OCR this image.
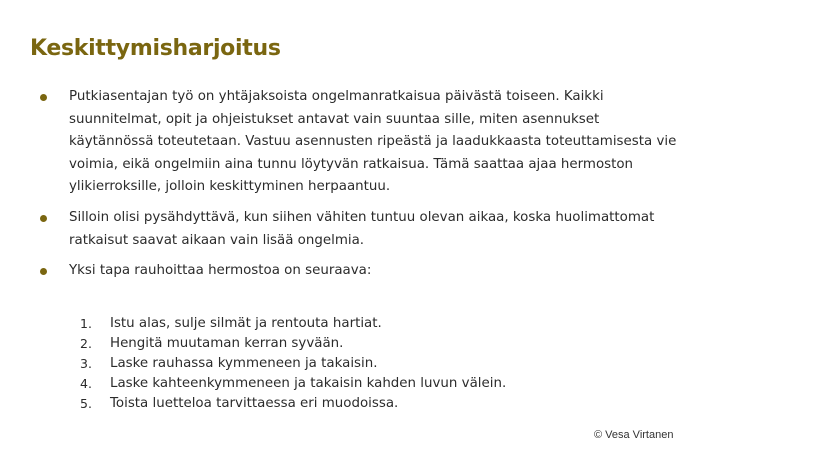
Keskittymisharjoitus
Putkiasentajan työ on yhtäjaksoista ongelmanratkaisua päivästä toiseen. Kaikki suunnitelmat, opit ja ohjeistukset antavat vain suuntaa sille, miten asennukset käytännössä toteutetaan. Vastuu asennusten ripeästä ja laadukkaasta toteuttamisesta vie voimia, eikä ongelmiin aina tunnu löytyvän ratkaisua. Tämä saattaa ajaa hermoston ylikierroksille, jolloin keskittyminen herpaantuu.
Silloin olisi pysähdyttävä, kun siihen vähiten tuntuu olevan aikaa, koska huolimattomat ratkaisut saavat aikaan vain lisää ongelmia.
Yksi tapa rauhoittaa hermostoa on seuraava:
1. Istu alas, sulje silmät ja rentouta hartiat.
2. Hengitä muutaman kerran syvään.
3. Laske rauhassa kymmeneen ja takaisin.
4. Laske kahteenkymmeneen ja takaisin kahden luvun välein.
5. Toista luetteloa tarvittaessa eri muodoissa.
© Vesa Virtanen
